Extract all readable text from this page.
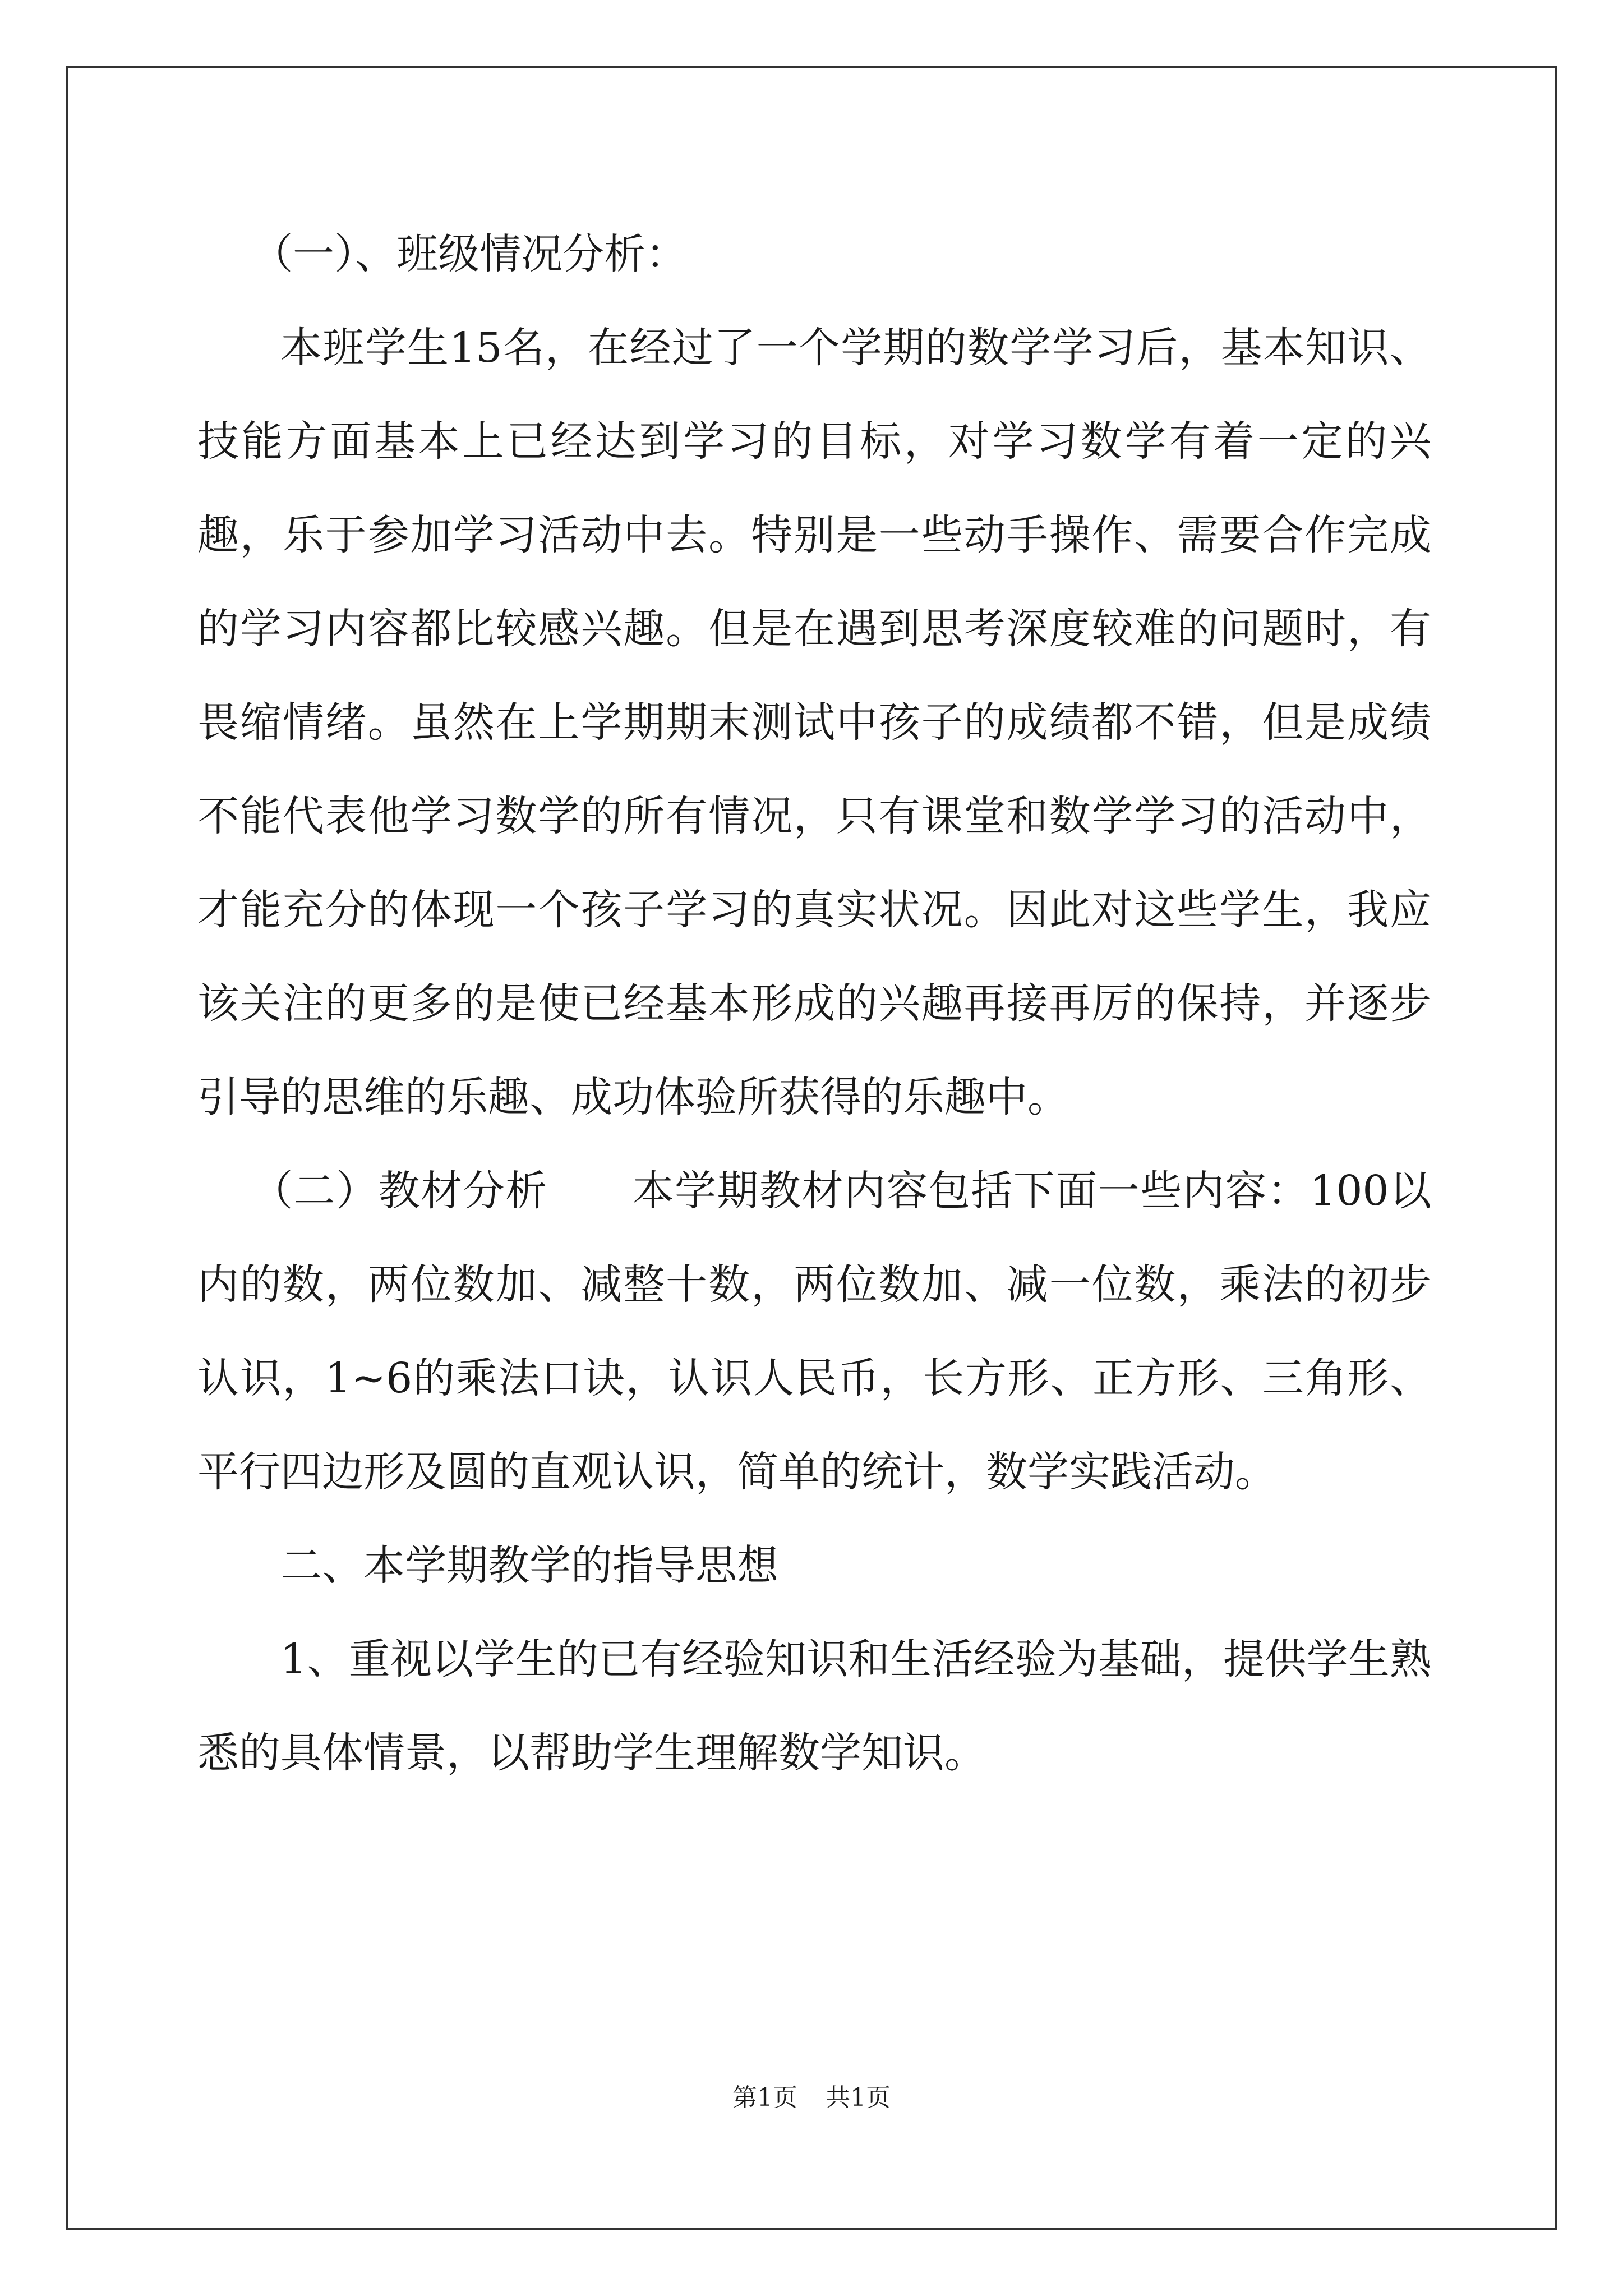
（一）、班级情况分析：

本班学生15名，在经过了一个学期的数学学习后，基本知识、技能方面基本上已经达到学习的目标，对学习数学有着一定的兴趣，乐于参加学习活动中去。特别是一些动手操作、需要合作完成的学习内容都比较感兴趣。但是在遇到思考深度较难的问题时，有畏缩情绪。虽然在上学期期末测试中孩子的成绩都不错，但是成绩不能代表他学习数学的所有情况，只有课堂和数学学习的活动中，才能充分的体现一个孩子学习的真实状况。因此对这些学生，我应该关注的更多的是使已经基本形成的兴趣再接再厉的保持，并逐步引导的思维的乐趣、成功体验所获得的乐趣中。

（二）教材分析　　本学期教材内容包括下面一些内容：100以内的数，两位数加、减整十数，两位数加、减一位数，乘法的初步认识，1~6的乘法口诀，认识人民币，长方形、正方形、三角形、平行四边形及圆的直观认识，简单的统计，数学实践活动。

二、本学期教学的指导思想

1、重视以学生的已有经验知识和生活经验为基础，提供学生熟悉的具体情景，以帮助学生理解数学知识。

第1页 共1页
